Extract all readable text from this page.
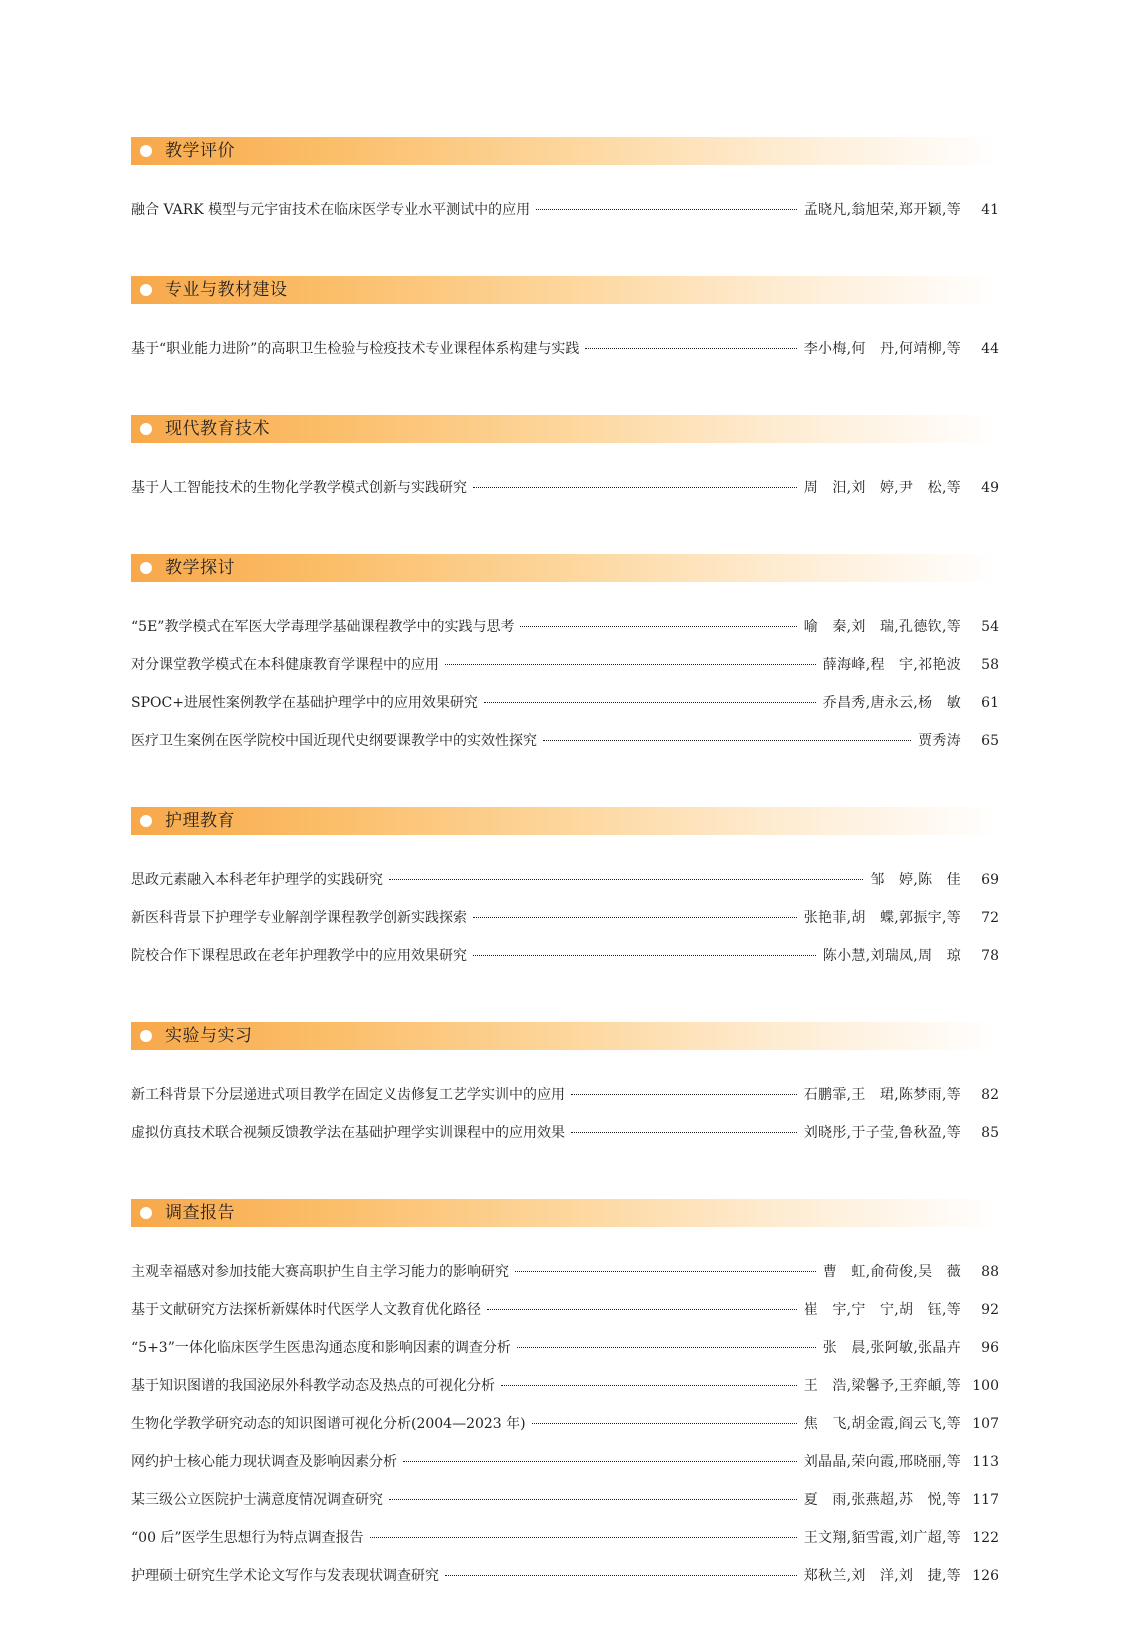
教学评价
融合 VARK 模型与元宇宙技术在临床医学专业水平测试中的应用	孟晓凡,翁旭荣,郑开颖,等	41
专业与教材建设
基于“职业能力进阶”的高职卫生检验与检疫技术专业课程体系构建与实践	李小梅,何　丹,何靖柳,等	44
现代教育技术
基于人工智能技术的生物化学教学模式创新与实践研究	周　汨,刘　婷,尹　松,等	49
教学探讨
“5E”教学模式在军医大学毒理学基础课程教学中的实践与思考	喻　秦,刘　瑞,孔德钦,等	54
对分课堂教学模式在本科健康教育学课程中的应用	薛海峰,程　宇,祁艳波	58
SPOC+进展性案例教学在基础护理学中的应用效果研究	乔昌秀,唐永云,杨　敏	61
医疗卫生案例在医学院校中国近现代史纲要课教学中的实效性探究	贾秀涛	65
护理教育
思政元素融入本科老年护理学的实践研究	邹　婷,陈　佳	69
新医科背景下护理学专业解剖学课程教学创新实践探索	张艳菲,胡　蝶,郭振宇,等	72
院校合作下课程思政在老年护理教学中的应用效果研究	陈小慧,刘瑞凤,周　琼	78
实验与实习
新工科背景下分层递进式项目教学在固定义齿修复工艺学实训中的应用	石鹏霏,王　珺,陈梦雨,等	82
虚拟仿真技术联合视频反馈教学法在基础护理学实训课程中的应用效果	刘晓彤,于子莹,鲁秋盈,等	85
调查报告
主观幸福感对参加技能大赛高职护生自主学习能力的影响研究	曹　虹,俞荷俊,吴　薇	88
基于文献研究方法探析新媒体时代医学人文教育优化路径	崔　宇,宁　宁,胡　钰,等	92
“5+3”一体化临床医学生医患沟通态度和影响因素的调查分析	张　晨,张阿敏,张晶卉	96
基于知识图谱的我国泌尿外科教学动态及热点的可视化分析	王　浩,梁馨予,王弈頔,等 100
生物化学教学研究动态的知识图谱可视化分析(2004—2023 年)	焦　飞,胡金霞,阎云飞,等 107
网约护士核心能力现状调查及影响因素分析	刘晶晶,荣向霞,邢晓丽,等 113
某三级公立医院护士满意度情况调查研究	夏　雨,张燕超,苏　悦,等 117
“00 后”医学生思想行为特点调查报告	王文翔,貊雪霞,刘广超,等 122
护理硕士研究生学术论文写作与发表现状调查研究	郑秋兰,刘　洋,刘　捷,等 126
